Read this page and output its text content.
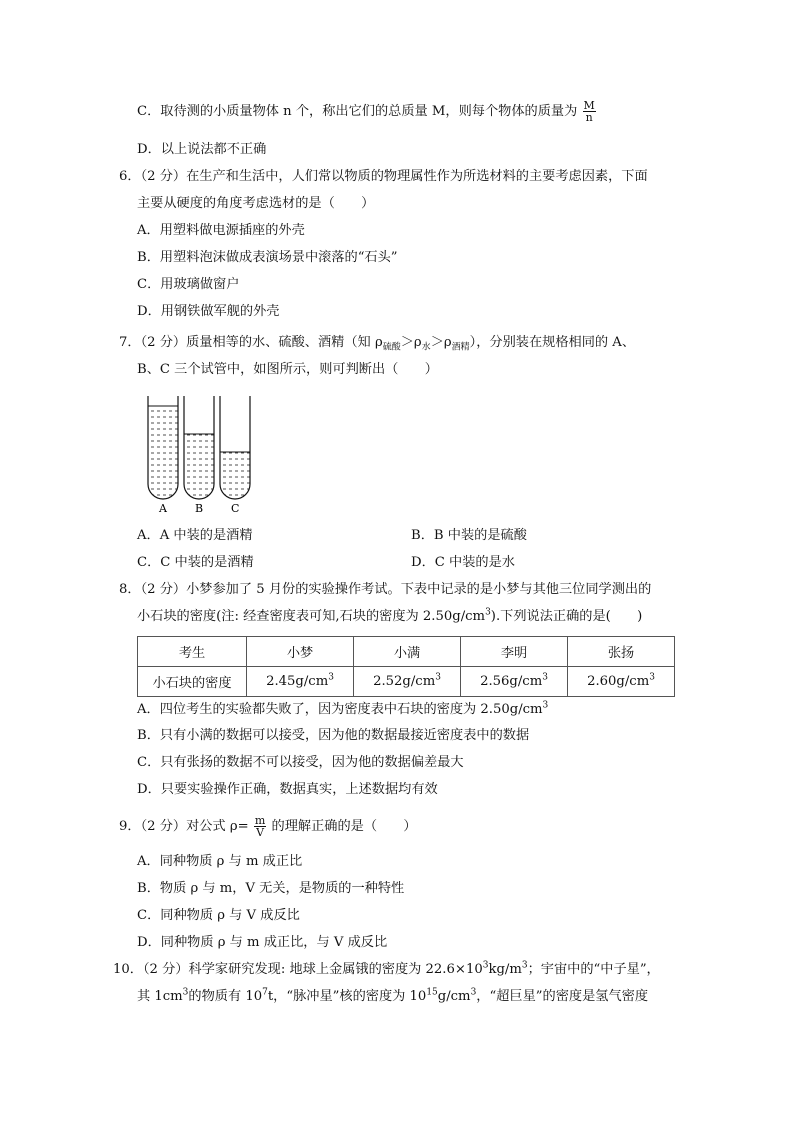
C．取待测的小质量物体 n 个，称出它们的总质量 M，则每个物体的质量为 $\frac{M}{n}$
D．以上说法都不正确
6．（2 分）在生产和生活中，人们常以物质的物理属性作为所选材料的主要考虑因素，下面
主要从硬度的角度考虑选材的是（　　）
A．用塑料做电源插座的外壳
B．用塑料泡沫做成表演场景中滚落的“石头”
C．用玻璃做窗户
D．用钢铁做军舰的外壳
7．（2 分）质量相等的水、硫酸、酒精（知 $\rho_{硫酸}>\rho_水>\rho_{酒精}$），分别装在规格相同的 A、
B、C 三个试管中，如图所示，则可判断出（　　）
A	B	C
A．A 中装的是酒精	B．B 中装的是硫酸
C．C 中装的是酒精	D．C 中装的是水
8．（2 分）小梦参加了 5 月份的实验操作考试。下表中记录的是小梦与其他三位同学测出的
小石块的密度(注: 经查密度表可知,石块的密度为 $2.50g/cm^3$).下列说法正确的是(　　)
考生	小梦	小满	李明	张扬
小石块的密度	$2.45g/cm^3$	$2.52g/cm^3$	$2.56g/cm^3$	$2.60g/cm^3$
A．四位考生的实验都失败了，因为密度表中石块的密度为 $2.50g/cm^3$
B．只有小满的数据可以接受，因为他的数据最接近密度表中的数据
C．只有张扬的数据不可以接受，因为他的数据偏差最大
D．只要实验操作正确，数据真实，上述数据均有效
9．（2 分）对公式 $\rho= \frac{m}{V}$ 的理解正确的是（　　）
A．同种物质 ρ 与 m 成正比
B．物质 ρ 与 m，V 无关，是物质的一种特性
C．同种物质 ρ 与 V 成反比
D．同种物质 ρ 与 m 成正比，与 V 成反比
10．（2 分）科学家研究发现: 地球上金属锇的密度为 $22.6\times 10^3kg/m^3$；宇宙中的“中子星”，
其 $1cm^3$的物质有 $10^7t$，“脉冲星”核的密度为 $10^{15}g/cm^3$，“超巨星”的密度是氢气密度
